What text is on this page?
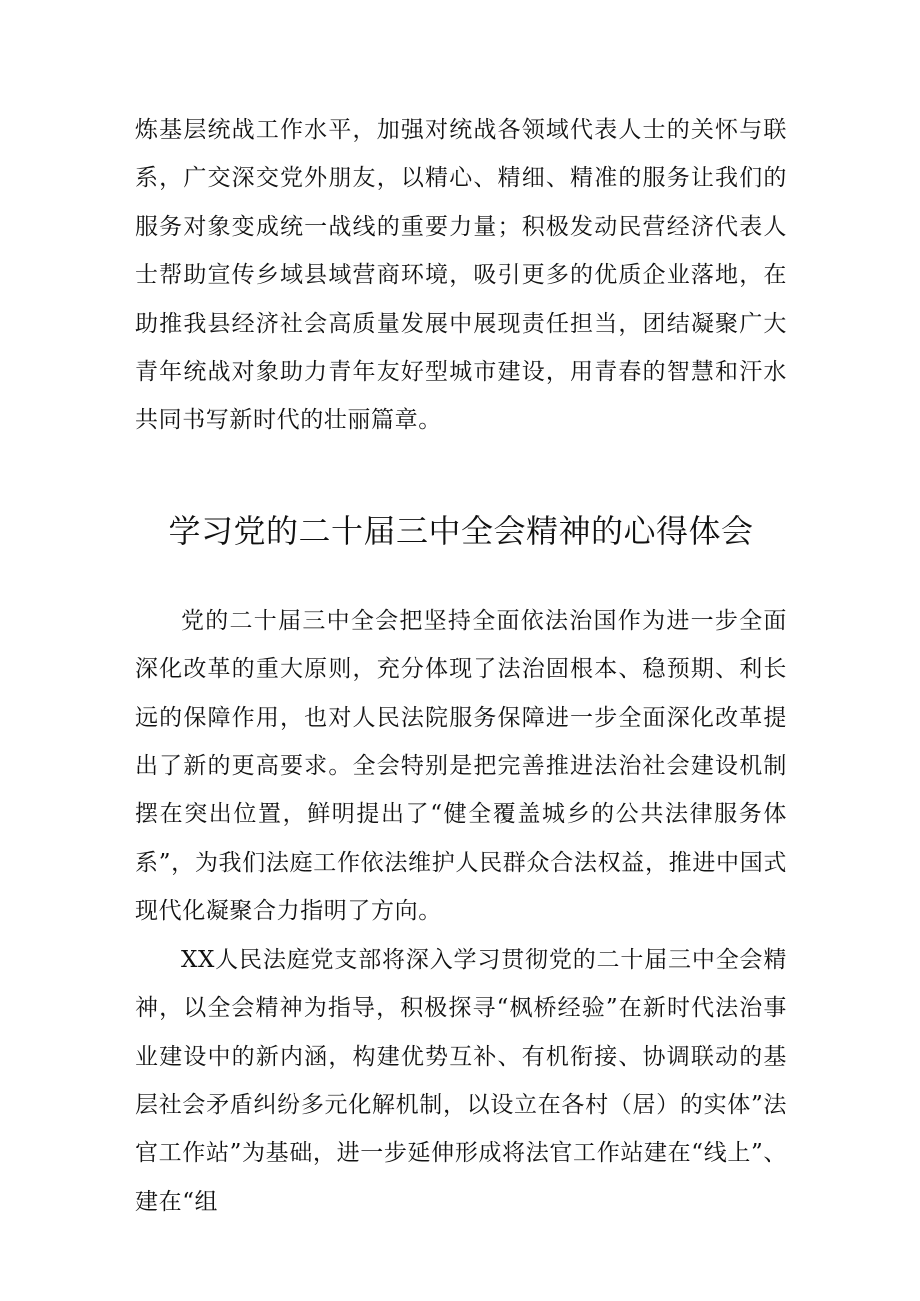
炼基层统战工作水平，加强对统战各领域代表人士的关怀与联系，广交深交党外朋友，以精心、精细、精准的服务让我们的服务对象变成统一战线的重要力量；积极发动民营经济代表人士帮助宣传乡域县域营商环境，吸引更多的优质企业落地，在助推我县经济社会高质量发展中展现责任担当，团结凝聚广大青年统战对象助力青年友好型城市建设，用青春的智慧和汗水共同书写新时代的壮丽篇章。

学习党的二十届三中全会精神的心得体会

党的二十届三中全会把坚持全面依法治国作为进一步全面深化改革的重大原则，充分体现了法治固根本、稳预期、利长远的保障作用，也对人民法院服务保障进一步全面深化改革提出了新的更高要求。全会特别是把完善推进法治社会建设机制摆在突出位置，鲜明提出了“健全覆盖城乡的公共法律服务体系”，为我们法庭工作依法维护人民群众合法权益，推进中国式现代化凝聚合力指明了方向。

XX人民法庭党支部将深入学习贯彻党的二十届三中全会精神，以全会精神为指导，积极探寻“枫桥经验”在新时代法治事业建设中的新内涵，构建优势互补、有机衔接、协调联动的基层社会矛盾纠纷多元化解机制，以设立在各村（居）的实体”法官工作站”为基础，进一步延伸形成将法官工作站建在“线上”、建在“组
